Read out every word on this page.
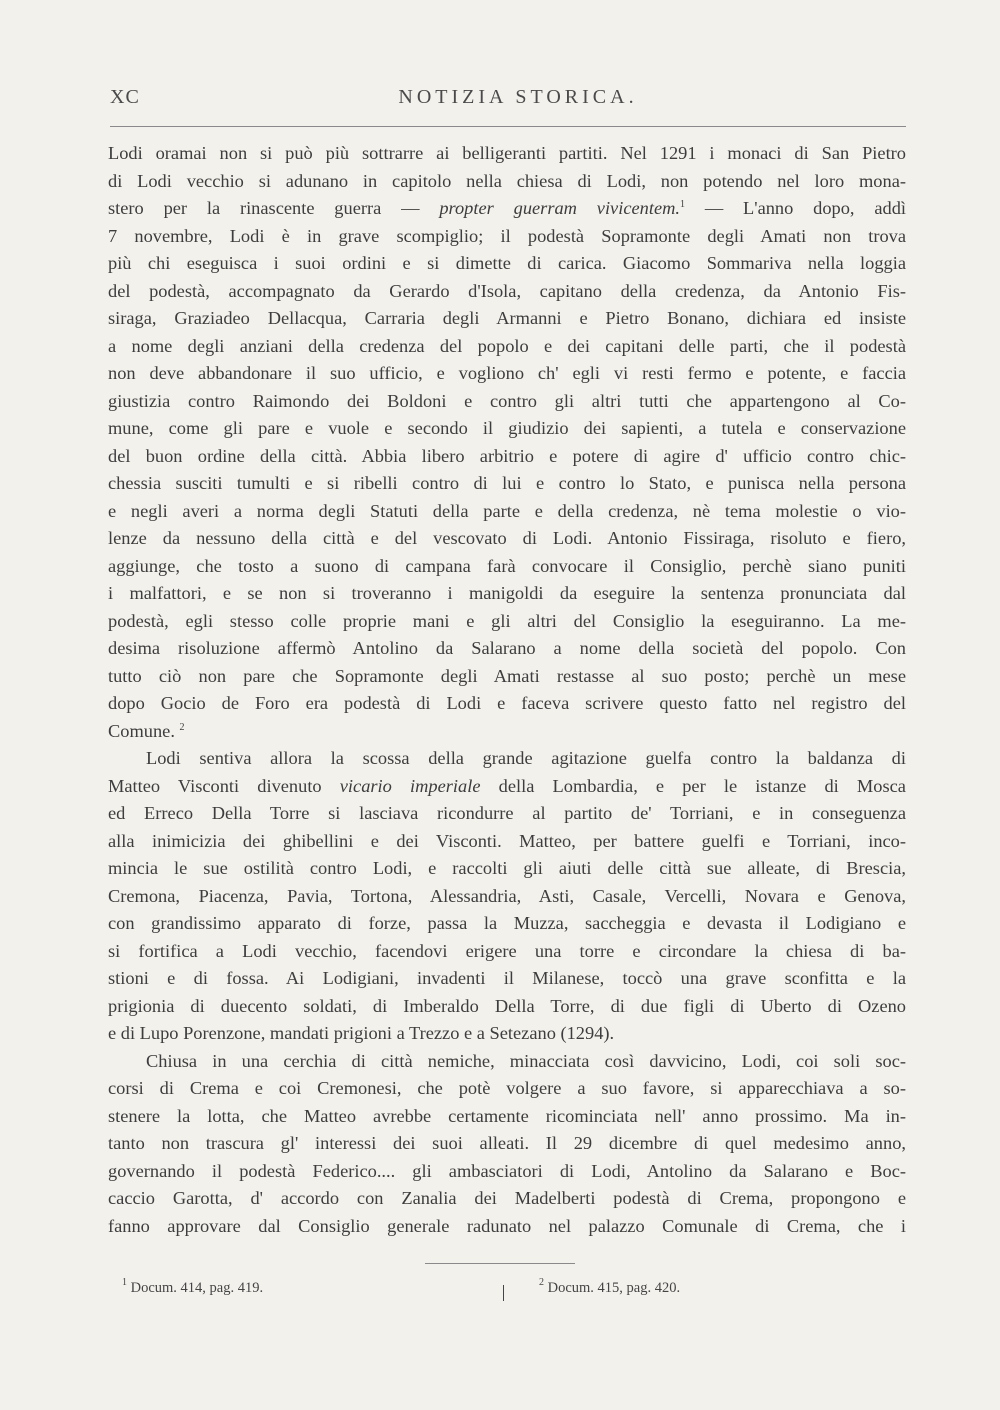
XC	NOTIZIA STORICA.
Lodi oramai non si può più sottrarre ai belligeranti partiti. Nel 1291 i monaci di San Pietro
di Lodi vecchio si adunano in capitolo nella chiesa di Lodi, non potendo nel loro mona-
stero per la rinascente guerra — propter guerram vivicentem.$^1$ — L'anno dopo, addì
7 novembre, Lodi è in grave scompiglio; il podestà Sopramonte degli Amati non trova
più chi eseguisca i suoi ordini e si dimette di carica. Giacomo Sommariva nella loggia
del podestà, accompagnato da Gerardo d'Isola, capitano della credenza, da Antonio Fis-
siraga, Graziadeo Dellacqua, Carraria degli Armanni e Pietro Bonano, dichiara ed insiste
a nome degli anziani della credenza del popolo e dei capitani delle parti, che il podestà
non deve abbandonare il suo ufficio, e vogliono ch' egli vi resti fermo e potente, e faccia
giustizia contro Raimondo dei Boldoni e contro gli altri tutti che appartengono al Co-
mune, come gli pare e vuole e secondo il giudizio dei sapienti, a tutela e conservazione
del buon ordine della città. Abbia libero arbitrio e potere di agire d' ufficio contro chic-
chessia susciti tumulti e si ribelli contro di lui e contro lo Stato, e punisca nella persona
e negli averi a norma degli Statuti della parte e della credenza, nè tema molestie o vio-
lenze da nessuno della città e del vescovato di Lodi. Antonio Fissiraga, risoluto e fiero,
aggiunge, che tosto a suono di campana farà convocare il Consiglio, perchè siano puniti
i malfattori, e se non si troveranno i manigoldi da eseguire la sentenza pronunciata dal
podestà, egli stesso colle proprie mani e gli altri del Consiglio la eseguiranno. La me-
desima risoluzione affermò Antolino da Salarano a nome della società del popolo. Con
tutto ciò non pare che Sopramonte degli Amati restasse al suo posto; perchè un mese
dopo Gocio de Foro era podestà di Lodi e faceva scrivere questo fatto nel registro del
Comune. $^2$
Lodi sentiva allora la scossa della grande agitazione guelfa contro la baldanza di
Matteo Visconti divenuto vicario imperiale della Lombardia, e per le istanze di Mosca
ed Erreco Della Torre si lasciava ricondurre al partito de' Torriani, e in conseguenza
alla inimicizia dei ghibellini e dei Visconti. Matteo, per battere guelfi e Torriani, inco-
mincia le sue ostilità contro Lodi, e raccolti gli aiuti delle città sue alleate, di Brescia,
Cremona, Piacenza, Pavia, Tortona, Alessandria, Asti, Casale, Vercelli, Novara e Genova,
con grandissimo apparato di forze, passa la Muzza, saccheggia e devasta il Lodigiano e
si fortifica a Lodi vecchio, facendovi erigere una torre e circondare la chiesa di ba-
stioni e di fossa. Ai Lodigiani, invadenti il Milanese, toccò una grave sconfitta e la
prigionia di duecento soldati, di Imberaldo Della Torre, di due figli di Uberto di Ozeno
e di Lupo Porenzone, mandati prigioni a Trezzo e a Setezano (1294).
Chiusa in una cerchia di città nemiche, minacciata così davvicino, Lodi, coi soli soc-
corsi di Crema e coi Cremonesi, che potè volgere a suo favore, si apparecchiava a so-
stenere la lotta, che Matteo avrebbe certamente ricominciata nell' anno prossimo. Ma in-
tanto non trascura gl' interessi dei suoi alleati. Il 29 dicembre di quel medesimo anno,
governando il podestà Federico.... gli ambasciatori di Lodi, Antolino da Salarano e Boc-
caccio Garotta, d' accordo con Zanalia dei Madelberti podestà di Crema, propongono e
fanno approvare dal Consiglio generale radunato nel palazzo Comunale di Crema, che i
$^1$ Docum. 414, pag. 419.	$^2$ Docum. 415, pag. 420.
